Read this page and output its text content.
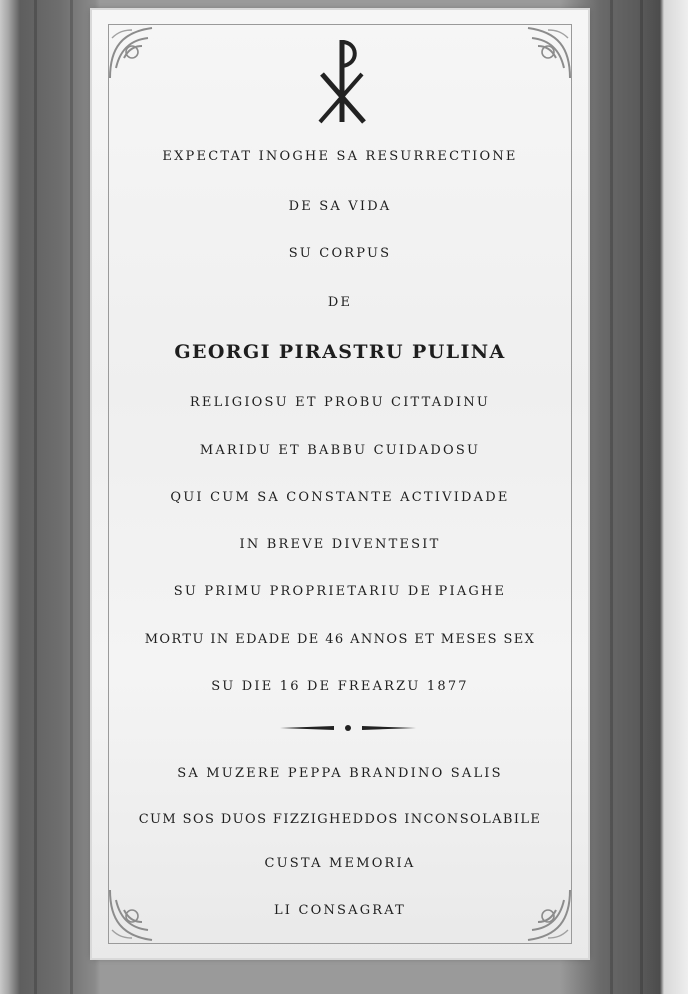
EXPECTAT INOGHE SA RESURRECTIONE
DE SA VIDA
SU CORPUS
DE
GEORGI PIRASTRU PULINA
RELIGIOSU ET PROBU CITTADINU
MARIDU ET BABBU CUIDADOSU
QUI CUM SA CONSTANTE ACTIVIDADE
IN BREVE DIVENTESIT
SU PRIMU PROPRIETARIU DE PIAGHE
MORTU IN EDADE DE 46 ANNOS ET MESES SEX
SU DIE 16 DE FREARZU 1877
SA MUZERE PEPPA BRANDINO SALIS
CUM SOS DUOS FIZZIGHEDDOS INCONSOLABILE
CUSTA MEMORIA
LI CONSAGRAT
